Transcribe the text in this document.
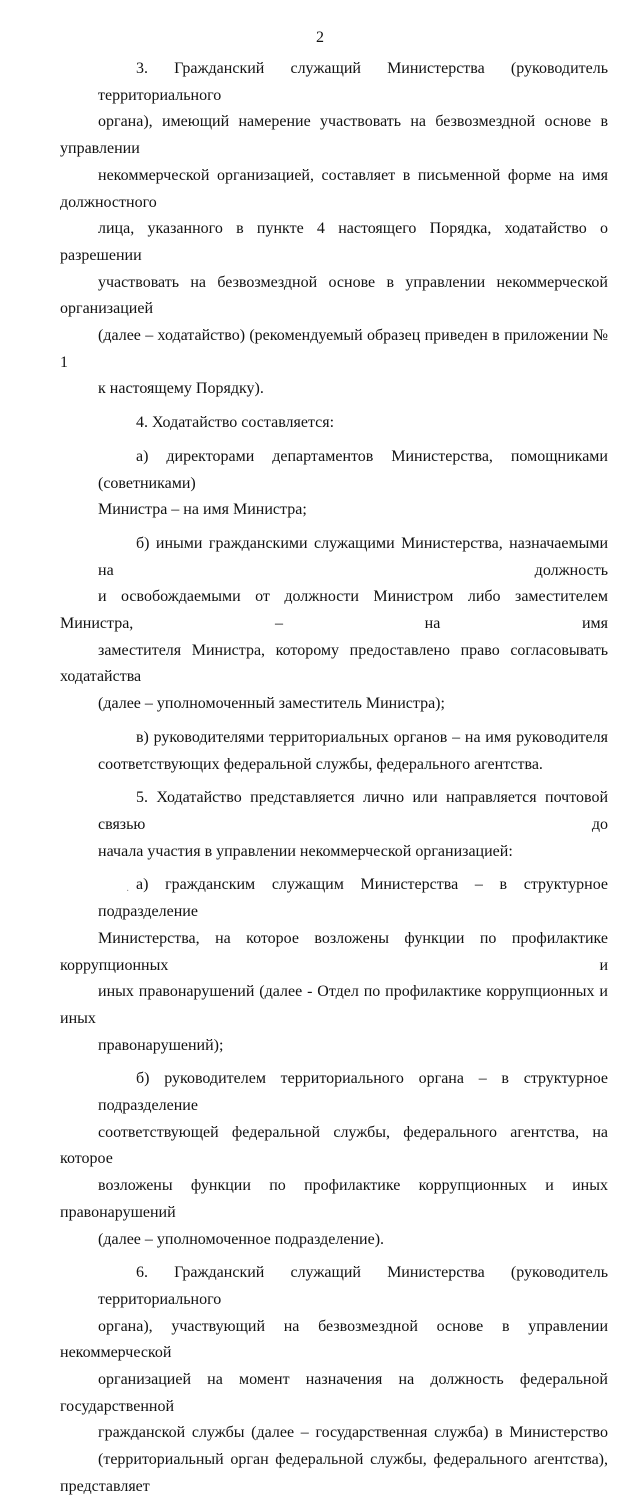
2
3. Гражданский служащий Министерства (руководитель территориального
органа), имеющий намерение участвовать на безвозмездной основе в управлении
некоммерческой организацией, составляет в письменной форме на имя должностного
лица, указанного в пункте 4 настоящего Порядка, ходатайство о разрешении
участвовать на безвозмездной основе в управлении некоммерческой организацией
(далее – ходатайство) (рекомендуемый образец приведен в приложении № 1
к настоящему Порядку).
4. Ходатайство составляется:
а) директорами департаментов Министерства, помощниками (советниками)
Министра – на имя Министра;
б) иными гражданскими служащими Министерства, назначаемыми на должность
и освобождаемыми от должности Министром либо заместителем Министра, – на имя
заместителя Министра, которому предоставлено право согласовывать ходатайства
(далее – уполномоченный заместитель Министра);
в) руководителями территориальных органов – на имя руководителя
соответствующих федеральной службы, федерального агентства.
5. Ходатайство представляется лично или направляется почтовой связью до
начала участия в управлении некоммерческой организацией:
а) гражданским служащим Министерства – в структурное подразделение
Министерства, на которое возложены функции по профилактике коррупционных и
иных правонарушений (далее - Отдел по профилактике коррупционных и иных
правонарушений);
б) руководителем территориального органа – в структурное подразделение
соответствующей федеральной службы, федерального агентства, на которое
возложены функции по профилактике коррупционных и иных правонарушений
(далее – уполномоченное подразделение).
6. Гражданский служащий Министерства (руководитель территориального
органа), участвующий на безвозмездной основе в управлении некоммерческой
организацией на момент назначения на должность федеральной государственной
гражданской службы (далее – государственная служба) в Министерство
(территориальный орган федеральной службы, федерального агентства), представляет
·
